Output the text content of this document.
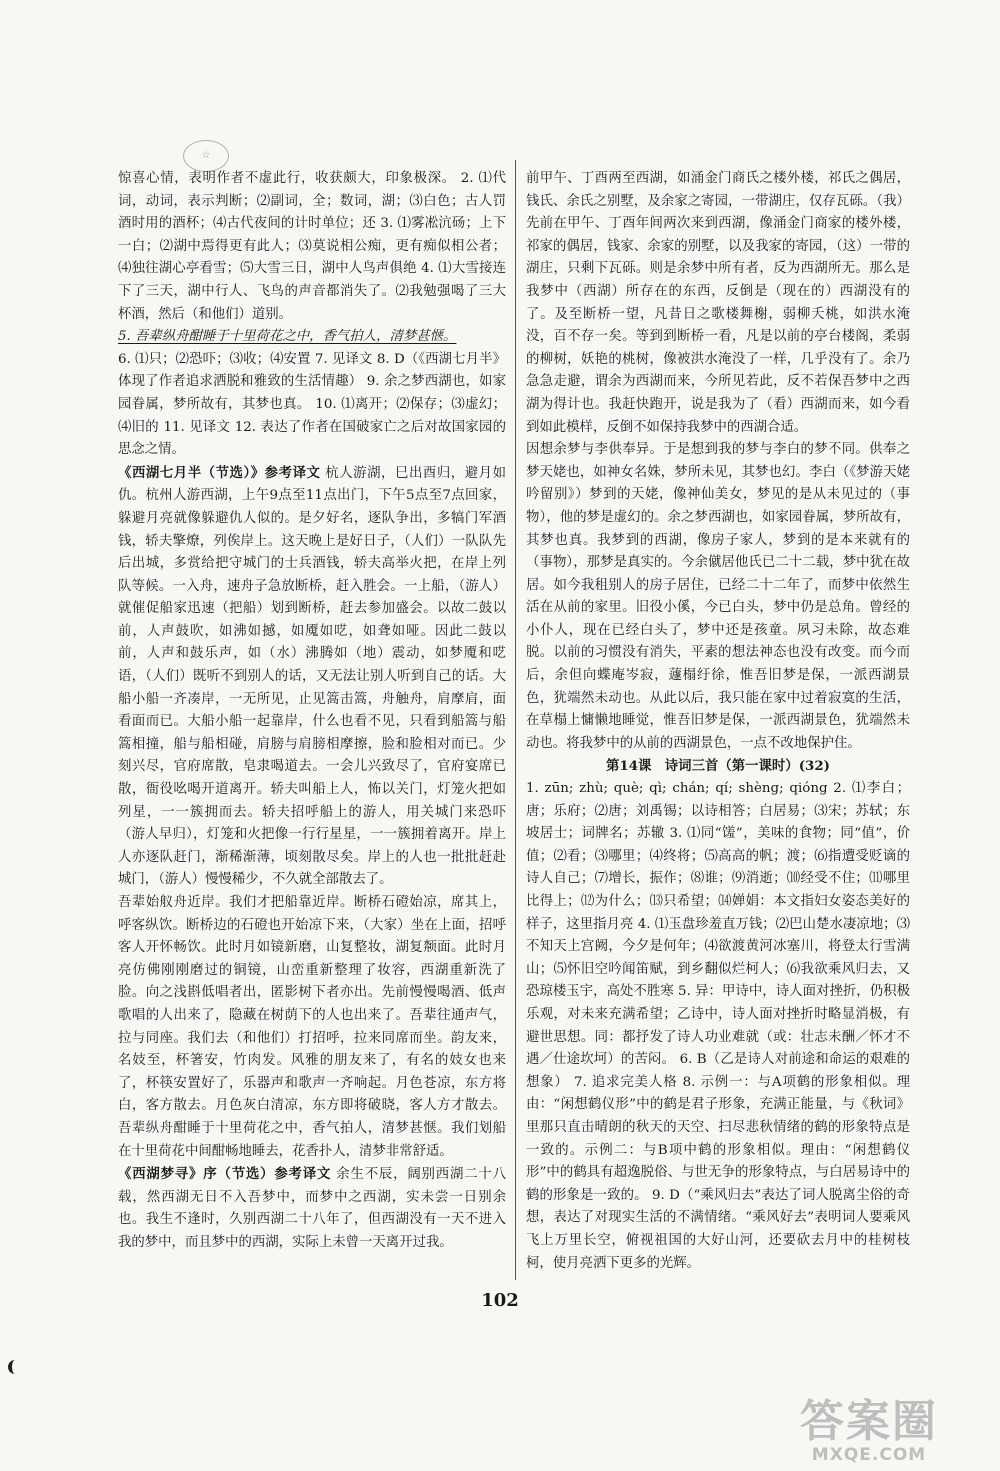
☆

惊喜心情，表明作者不虚此行，收获颇大，印象极深。 2. ⑴代词，动词，表示判断；⑵副词，全；数词，湖；⑶白色；古人罚酒时用的酒杯；⑷古代夜间的计时单位；还 3. ⑴雾凇沆砀；上下一白；⑵湖中焉得更有此人；⑶莫说相公痴，更有痴似相公者；⑷独往湖心亭看雪；⑸大雪三日，湖中人鸟声俱绝 4. ⑴大雪接连下了三天，湖中行人、飞鸟的声音都消失了。⑵我勉强喝了三大杯酒，然后（和他们）道别。

5. 吾辈纵舟酣睡于十里荷花之中，香气拍人，清梦甚惬。

6. ⑴只；⑵恐吓；⑶收；⑷安置 7. 见译文 8. D（《西湖七月半》体现了作者追求洒脱和雅致的生活情趣） 9. 余之梦西湖也，如家园眷属，梦所故有，其梦也真。 10. ⑴离开；⑵保存；⑶虚幻；⑷旧的 11. 见译文 12. 表达了作者在国破家亡之后对故国家园的思念之情。

《西湖七月半（节选）》参考译文 杭人游湖，巳出酉归，避月如仇。杭州人游西湖，上午9点至11点出门，下午5点至7点回家，躲避月亮就像躲避仇人似的。是夕好名，逐队争出，多犒门军酒钱，轿夫擎燎，列俟岸上。这天晚上是好日子，（人们）一队队先后出城，多赏给把守城门的士兵酒钱，轿夫高举火把，在岸上列队等候。一入舟，速舟子急放断桥，赶入胜会。一上船，（游人）就催促船家迅速（把船）划到断桥，赶去参加盛会。以故二鼓以前，人声鼓吹，如沸如撼，如魇如呓，如聋如哑。因此二鼓以前，人声和鼓乐声，如（水）沸腾如（地）震动，如梦魇和呓语，（人们）既听不到别人的话，又无法让别人听到自己的话。大船小船一齐凑岸，一无所见，止见篙击篙，舟触舟，肩摩肩，面看面而已。大船小船一起靠岸，什么也看不见，只看到船篙与船篙相撞，船与船相碰，肩膀与肩膀相摩擦，脸和脸相对而已。少刻兴尽，官府席散，皂隶喝道去。一会儿兴致尽了，官府宴席已散，衙役吆喝开道离开。轿夫叫船上人，怖以关门，灯笼火把如列星，一一簇拥而去。轿夫招呼船上的游人，用关城门来恐吓（游人早归），灯笼和火把像一行行星星，一一簇拥着离开。岸上人亦逐队赶门，渐稀渐薄，顷刻散尽矣。岸上的人也一批批赶赴城门，（游人）慢慢稀少，不久就全部散去了。

吾辈始舣舟近岸。我们才把船靠近岸。断桥石磴始凉，席其上，呼客纵饮。断桥边的石磴也开始凉下来，（大家）坐在上面，招呼客人开怀畅饮。此时月如镜新磨，山复整妆，湖复颒面。此时月亮仿佛刚刚磨过的铜镜，山峦重新整理了妆容，西湖重新洗了脸。向之浅斟低唱者出，匿影树下者亦出。先前慢慢喝酒、低声歌唱的人出来了，隐藏在树荫下的人也出来了。吾辈往通声气，拉与同座。我们去（和他们）打招呼，拉来同席而坐。韵友来，名妓至，杯箸安，竹肉发。风雅的朋友来了，有名的妓女也来了，杯筷安置好了，乐器声和歌声一齐响起。月色苍凉，东方将白，客方散去。月色灰白清凉，东方即将破晓，客人方才散去。吾辈纵舟酣睡于十里荷花之中，香气拍人，清梦甚惬。我们划船在十里荷花中间酣畅地睡去，花香扑人，清梦非常舒适。

《西湖梦寻》序（节选）参考译文 余生不辰，阔别西湖二十八载，然西湖无日不入吾梦中，而梦中之西湖，实未尝一日别余也。我生不逢时，久别西湖二十八年了，但西湖没有一天不进入我的梦中，而且梦中的西湖，实际上未曾一天离开过我。

前甲午、丁酉两至西湖，如涌金门商氏之楼外楼，祁氏之偶居，钱氏、余氏之别墅，及余家之寄园，一带湖庄，仅存瓦砾。（我）先前在甲午、丁酉年间两次来到西湖，像涌金门商家的楼外楼，祁家的偶居，钱家、余家的别墅，以及我家的寄园，（这）一带的湖庄，只剩下瓦砾。则是余梦中所有者，反为西湖所无。那么是我梦中（西湖）所存在的东西，反倒是（现在的）西湖没有的了。及至断桥一望，凡昔日之歌楼舞榭，弱柳夭桃，如洪水淹没，百不存一矣。等到到断桥一看，凡是以前的亭台楼阁，柔弱的柳树，妖艳的桃树，像被洪水淹没了一样，几乎没有了。余乃急急走避，谓余为西湖而来，今所见若此，反不若保吾梦中之西湖为得计也。我赶快跑开，说是我为了（看）西湖而来，如今看到如此模样，反倒不如保持我梦中的西湖合适。

因想余梦与李供奉异。于是想到我的梦与李白的梦不同。供奉之梦天姥也，如神女名姝，梦所未见，其梦也幻。李白（《梦游天姥吟留别》）梦到的天姥，像神仙美女，梦见的是从未见过的（事物），他的梦是虚幻的。余之梦西湖也，如家园眷属，梦所故有，其梦也真。我梦到的西湖，像房子家人，梦到的是本来就有的（事物），那梦是真实的。今余僦居他氏已二十二载，梦中犹在故居。如今我租别人的房子居住，已经二十二年了，而梦中依然生活在从前的家里。旧役小傒，今已白头，梦中仍是总角。曾经的小仆人，现在已经白头了，梦中还是孩童。夙习未除，故态难脱。以前的习惯没有消失，平素的想法神态也没有改变。而今而后，余但向蝶庵岑寂，蘧榻纡徐，惟吾旧梦是保，一派西湖景色，犹端然未动也。从此以后，我只能在家中过着寂寞的生活，在草榻上慵懒地睡觉，惟吾旧梦是保，一派西湖景色，犹端然未动也。将我梦中的从前的西湖景色，一点不改地保护住。

第14课　诗词三首（第一课时）(32)

1. zūn; zhù; què; qì; chán; qí; shèng; qióng 2. ⑴李白；唐；乐府；⑵唐；刘禹锡；以诗相答；白居易；⑶宋；苏轼；东坡居士；词牌名；苏辙 3. ⑴同“馐”，美味的食物；同“值”，价值；⑵看；⑶哪里；⑷终将；⑸高高的帆；渡；⑹指遭受贬谪的诗人自己；⑺增长，振作；⑻谁；⑼消逝；⑽经受不住；⑾哪里比得上；⑿为什么；⒀只希望；⒁婵娟：本文指妇女姿态美好的样子，这里指月亮 4. ⑴玉盘珍羞直万钱；⑵巴山楚水凄凉地；⑶不知天上宫阙，今夕是何年；⑷欲渡黄河冰塞川，将登太行雪满山；⑸怀旧空吟闻笛赋，到乡翻似烂柯人；⑹我欲乘风归去，又恐琼楼玉宇，高处不胜寒 5. 异：甲诗中，诗人面对挫折，仍积极乐观，对未来充满希望；乙诗中，诗人面对挫折时略显消极，有避世思想。同：都抒发了诗人功业难就（或：壮志未酬／怀才不遇／仕途坎坷）的苦闷。 6. B（乙是诗人对前途和命运的艰难的想象） 7. 追求完美人格 8. 示例一：与A项鹤的形象相似。理由：“闲想鹤仪形”中的鹤是君子形象，充满正能量，与《秋词》里那只直击晴朗的秋天的天空、扫尽悲秋情绪的鹤的形象特点是一致的。示例二：与B项中鹤的形象相似。理由：“闲想鹤仪形”中的鹤具有超逸脱俗、与世无争的形象特点，与白居易诗中的鹤的形象是一致的。 9. D（“乘风归去”表达了词人脱离尘俗的奇想，表达了对现实生活的不满情绪。“乘风好去”表明词人要乘风飞上万里长空，俯视祖国的大好山河，还要砍去月中的桂树枝柯，使月亮洒下更多的光辉。

102
答案圈
MXQE.COM
